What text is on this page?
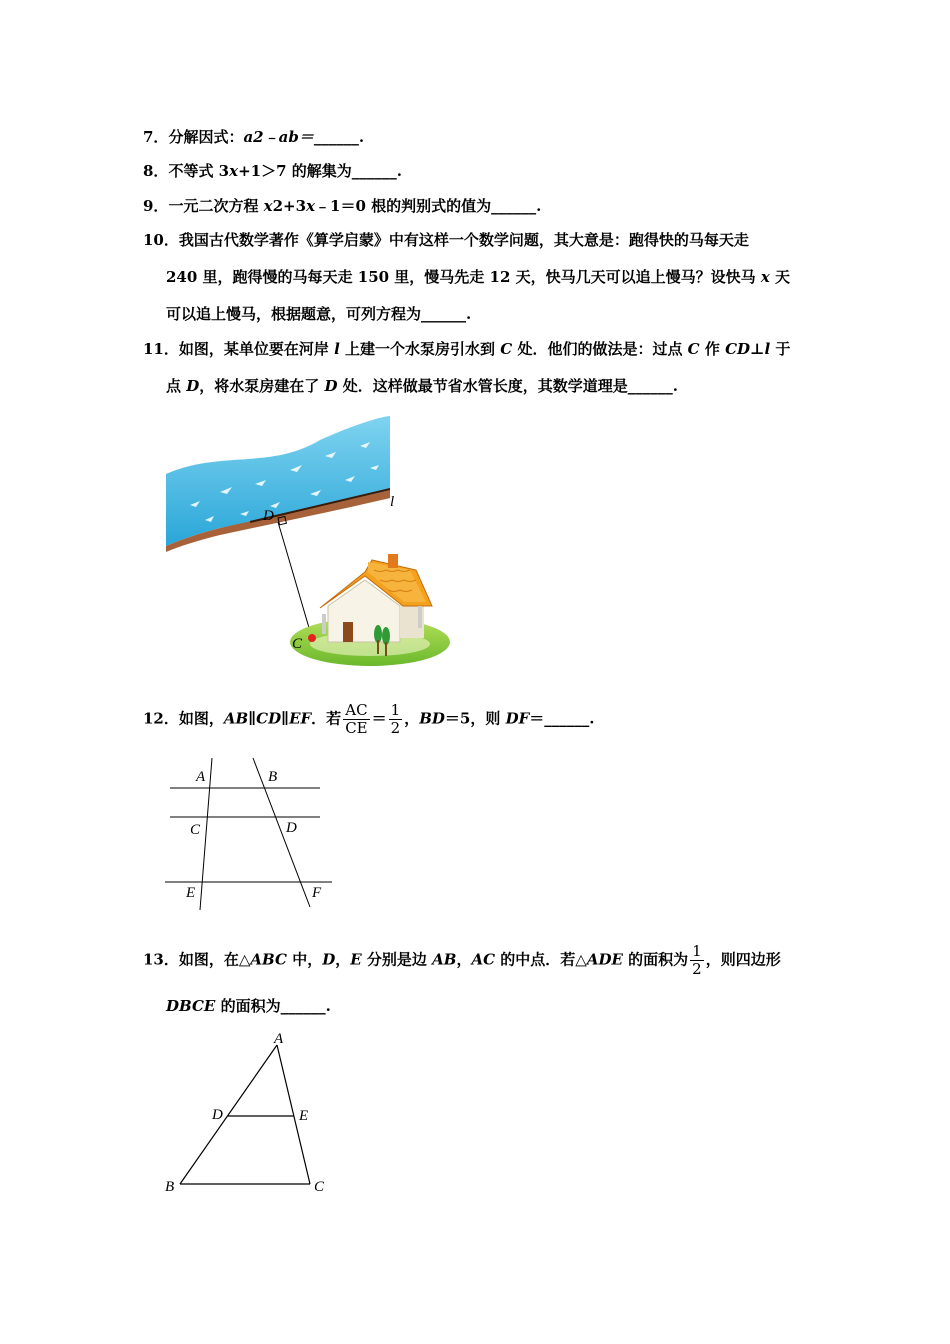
7．分解因式：a2﹣ab＝______.
8．不等式 3x+1＞7 的解集为______.
9．一元二次方程 x2+3x﹣1＝0 根的判别式的值为______.
10．我国古代数学著作《算学启蒙》中有这样一个数学问题，其大意是：跑得快的马每天走
240 里，跑得慢的马每天走 150 里，慢马先走 12 天，快马几天可以追上慢马？设快马 x 天
可以追上慢马，根据题意，可列方程为______.
11．如图，某单位要在河岸 l 上建一个水泵房引水到 C 处．他们的做法是：过点 C 作 CD⊥l 于
点 D，将水泵房建在了 D 处．这样做最节省水管长度，其数学道理是______.
l
D
C
12．如图，AB∥CD∥EF．若 $\frac{AC}{CE} = \frac{1}{2}$ ，BD＝5，则 DF＝______.
A	B
C	D
E	F
13．如图，在△ABC 中，D，E 分别是边 AB，AC 的中点．若△ADE 的面积为 $\frac{1}{2}$ ，则四边形
DBCE 的面积为______.
A
D	E
B	C
